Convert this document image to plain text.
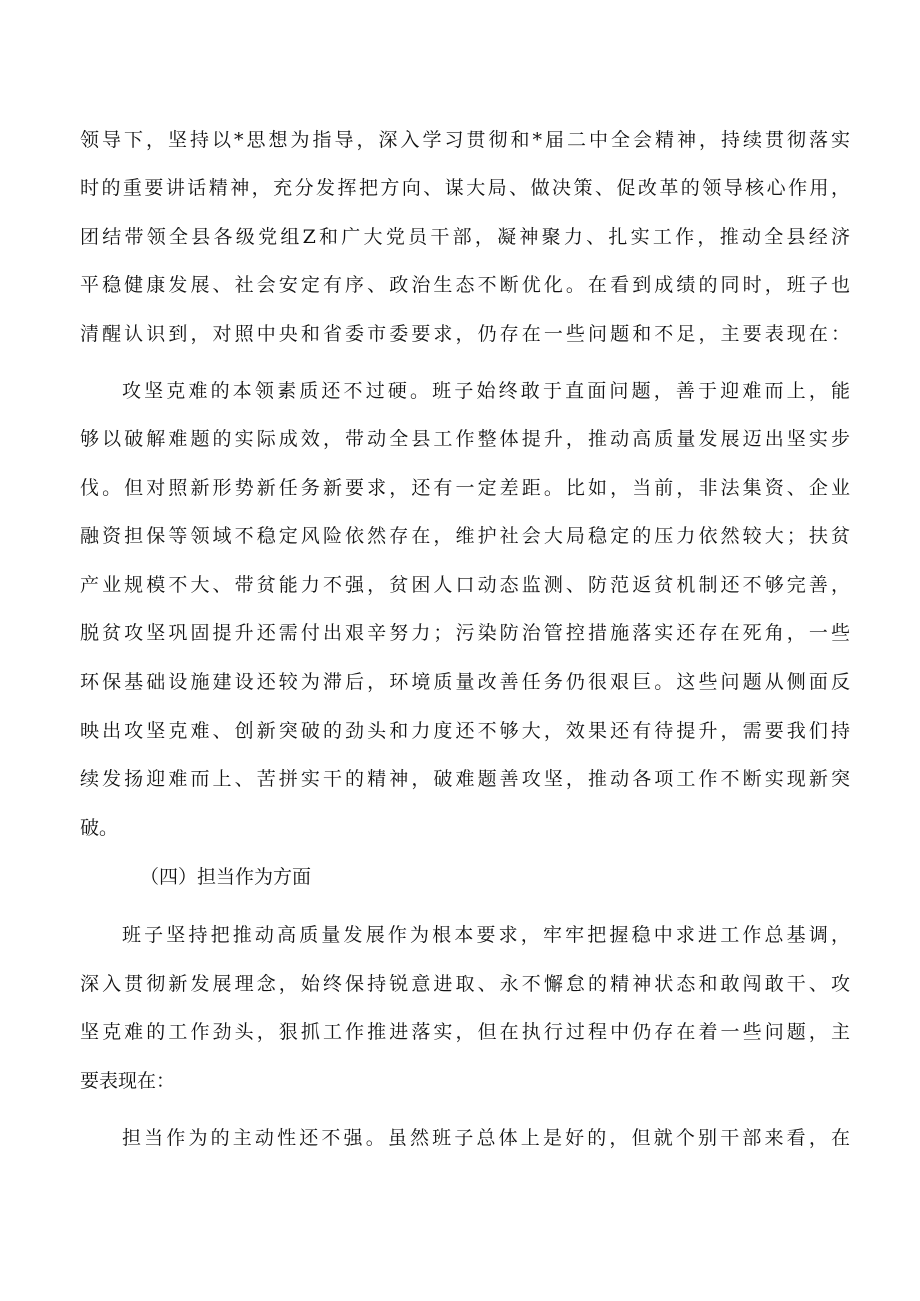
领导下，坚持以*思想为指导，深入学习贯彻和*届二中全会精神，持续贯彻落实
时的重要讲话精神，充分发挥把方向、谋大局、做决策、促改革的领导核心作用，
团结带领全县各级党组Z和广大党员干部，凝神聚力、扎实工作，推动全县经济
平稳健康发展、社会安定有序、政治生态不断优化。在看到成绩的同时，班子也
清醒认识到，对照中央和省委市委要求，仍存在一些问题和不足，主要表现在：
攻坚克难的本领素质还不过硬。班子始终敢于直面问题，善于迎难而上，能
够以破解难题的实际成效，带动全县工作整体提升，推动高质量发展迈出坚实步
伐。但对照新形势新任务新要求，还有一定差距。比如，当前，非法集资、企业
融资担保等领域不稳定风险依然存在，维护社会大局稳定的压力依然较大；扶贫
产业规模不大、带贫能力不强，贫困人口动态监测、防范返贫机制还不够完善，
脱贫攻坚巩固提升还需付出艰辛努力；污染防治管控措施落实还存在死角，一些
环保基础设施建设还较为滞后，环境质量改善任务仍很艰巨。这些问题从侧面反
映出攻坚克难、创新突破的劲头和力度还不够大，效果还有待提升，需要我们持
续发扬迎难而上、苦拼实干的精神，破难题善攻坚，推动各项工作不断实现新突
破。
（四）担当作为方面
班子坚持把推动高质量发展作为根本要求，牢牢把握稳中求进工作总基调，
深入贯彻新发展理念，始终保持锐意进取、永不懈怠的精神状态和敢闯敢干、攻
坚克难的工作劲头，狠抓工作推进落实，但在执行过程中仍存在着一些问题，主
要表现在：
担当作为的主动性还不强。虽然班子总体上是好的，但就个别干部来看，在
